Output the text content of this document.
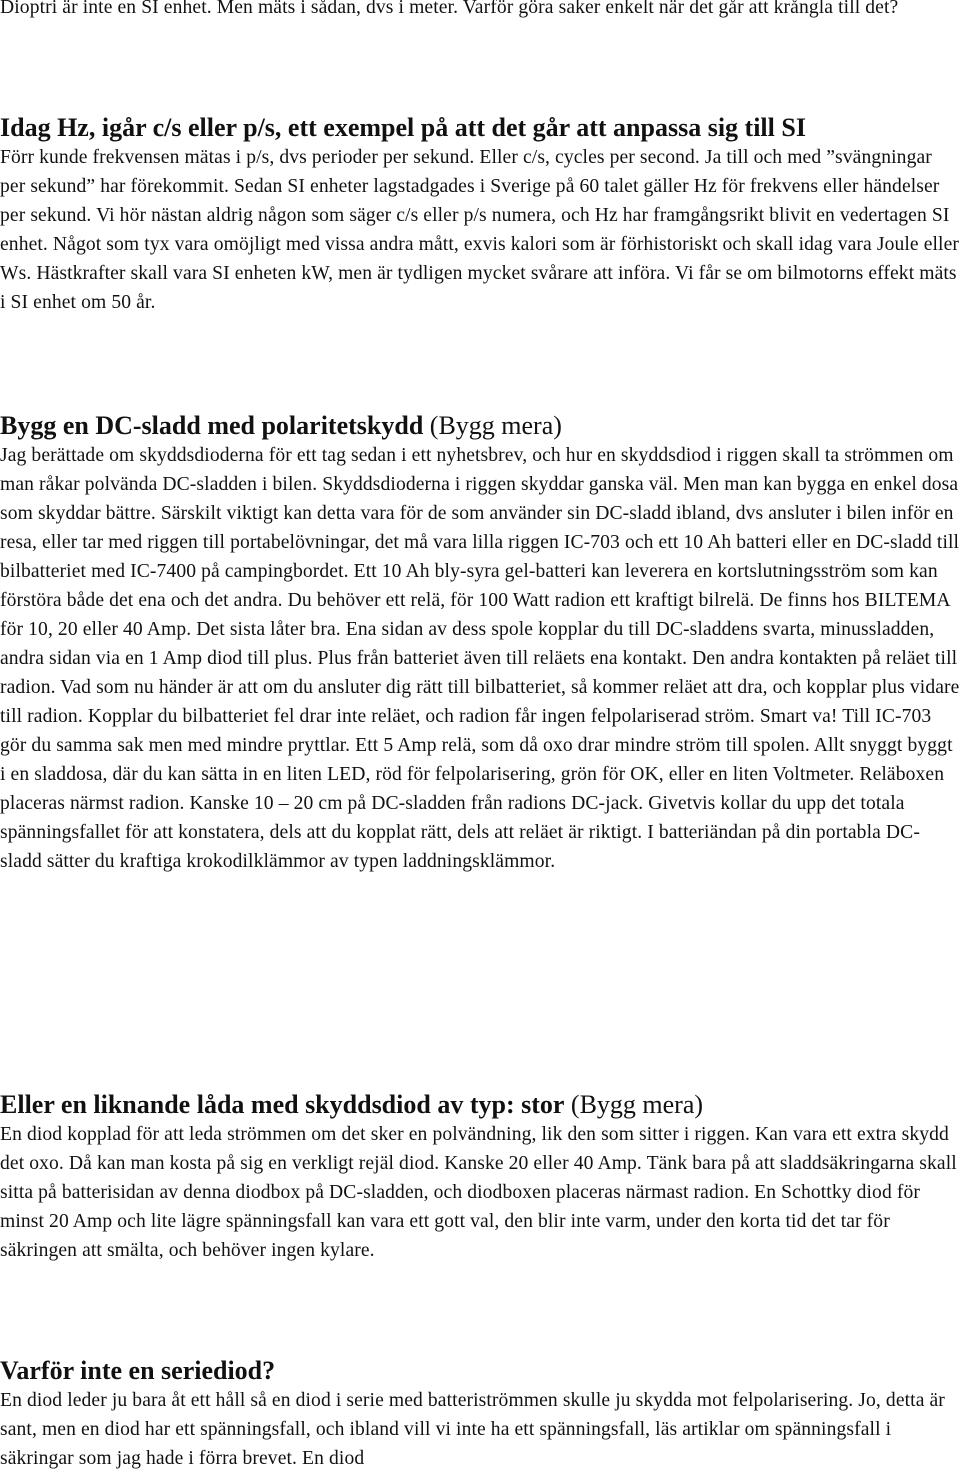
Dioptri är inte en SI enhet. Men mäts i sådan, dvs i meter. Varför göra saker enkelt när det går att krångla till det?

Idag Hz, igår c/s eller p/s, ett exempel på att det går att anpassa sig till SI

Förr kunde frekvensen mätas i p/s, dvs perioder per sekund. Eller c/s, cycles per second. Ja till och med ”svängningar per sekund” har förekommit. Sedan SI enheter lagstadgades i Sverige på 60 talet gäller Hz för frekvens eller händelser per sekund. Vi hör nästan aldrig någon som säger c/s eller p/s numera, och Hz har framgångsrikt blivit en vedertagen SI enhet. Något som tyx vara omöjligt med vissa andra mått, exvis kalori som är förhistoriskt och skall idag vara Joule eller Ws. Hästkrafter skall vara SI enheten kW, men är tydligen mycket svårare att införa. Vi får se om bilmotorns effekt mäts i SI enhet om 50 år.

Bygg en DC-sladd med polaritetskydd (Bygg mera)

Jag berättade om skyddsdioderna för ett tag sedan i ett nyhetsbrev, och hur en skyddsdiod i riggen skall ta strömmen om man råkar polvända DC-sladden i bilen. Skyddsdioderna i riggen skyddar ganska väl. Men man kan bygga en enkel dosa som skyddar bättre. Särskilt viktigt kan detta vara för de som använder sin DC-sladd ibland, dvs ansluter i bilen inför en resa, eller tar med riggen till portabelövningar, det må vara lilla riggen IC-703 och ett 10 Ah batteri eller en DC-sladd till bilbatteriet med IC-7400 på campingbordet. Ett 10 Ah bly-syra gel-batteri kan leverera en kortslutningsström som kan förstöra både det ena och det andra. Du behöver ett relä, för 100 Watt radion ett kraftigt bilrelä. De finns hos BILTEMA för 10, 20 eller 40 Amp. Det sista låter bra. Ena sidan av dess spole kopplar du till DC-sladdens svarta, minussladden, andra sidan via en 1 Amp diod till plus. Plus från batteriet även till reläets ena kontakt. Den andra kontakten på reläet till radion. Vad som nu händer är att om du ansluter dig rätt till bilbatteriet, så kommer reläet att dra, och kopplar plus vidare till radion. Kopplar du bilbatteriet fel drar inte reläet, och radion får ingen felpolariserad ström. Smart va! Till IC-703 gör du samma sak men med mindre pryttlar. Ett 5 Amp relä, som då oxo drar mindre ström till spolen. Allt snyggt byggt i en sladdosa, där du kan sätta in en liten LED, röd för felpolarisering, grön för OK, eller en liten Voltmeter. Reläboxen placeras närmst radion. Kanske 10 – 20 cm på DC-sladden från radions DC-jack. Givetvis kollar du upp det totala spänningsfallet för att konstatera, dels att du kopplat rätt, dels att reläet är riktigt. I batteriändan på din portabla DC-sladd sätter du kraftiga krokodilklämmor av typen laddningsklämmor.

Eller en liknande låda med skyddsdiod av typ: stor (Bygg mera)

En diod kopplad för att leda strömmen om det sker en polvändning, lik den som sitter i riggen. Kan vara ett extra skydd det oxo. Då kan man kosta på sig en verkligt rejäl diod. Kanske 20 eller 40 Amp. Tänk bara på att sladdsäkringarna skall sitta på batterisidan av denna diodbox på DC-sladden, och diodboxen placeras närmast radion. En Schottky diod för minst 20 Amp och lite lägre spänningsfall kan vara ett gott val, den blir inte varm, under den korta tid det tar för säkringen att smälta, och behöver ingen kylare.

Varför inte en seriediod?

En diod leder ju bara åt ett håll så en diod i serie med batteriströmmen skulle ju skydda mot felpolarisering. Jo, detta är sant, men en diod har ett spänningsfall, och ibland vill vi inte ha ett spänningsfall, läs artiklar om spänningsfall i säkringar som jag hade i förra brevet. En diod
